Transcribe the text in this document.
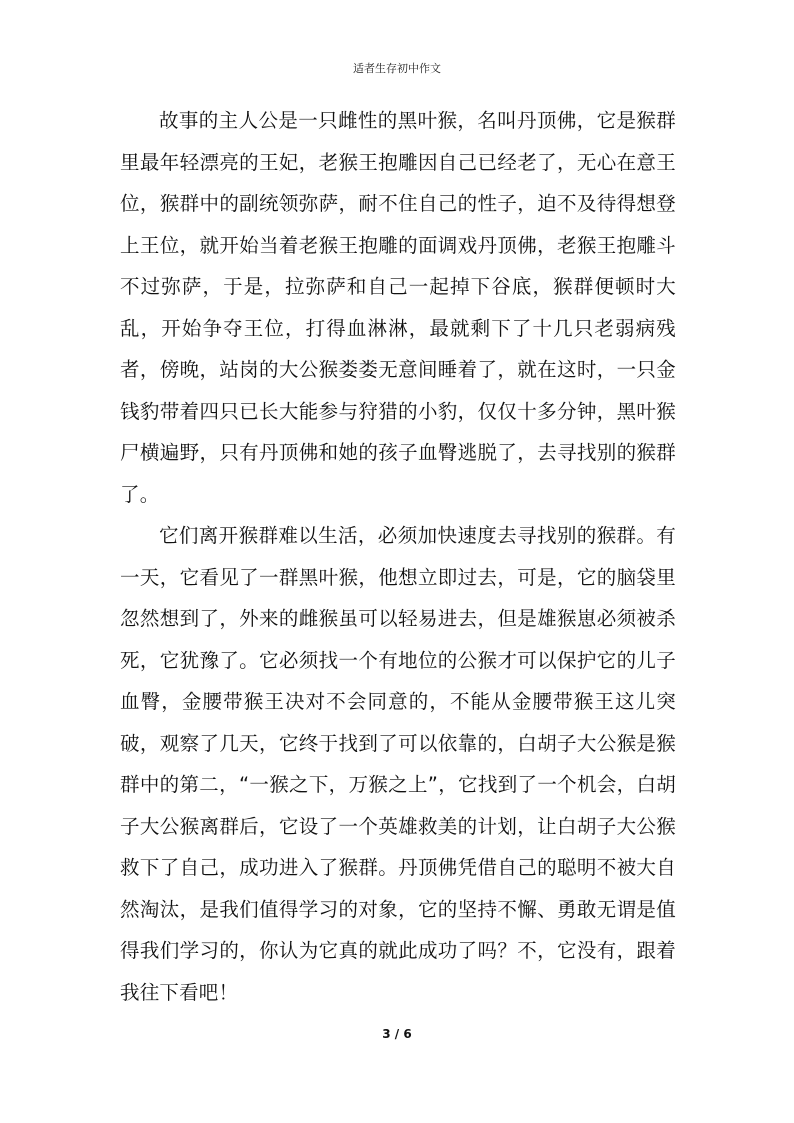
适者生存初中作文

故事的主人公是一只雌性的黑叶猴，名叫丹顶佛，它是猴群里最年轻漂亮的王妃，老猴王抱雕因自己已经老了，无心在意王位，猴群中的副统领弥萨，耐不住自己的性子，迫不及待得想登上王位，就开始当着老猴王抱雕的面调戏丹顶佛，老猴王抱雕斗不过弥萨，于是，拉弥萨和自己一起掉下谷底，猴群便顿时大乱，开始争夺王位，打得血淋淋，最就剩下了十几只老弱病残者，傍晚，站岗的大公猴娄娄无意间睡着了，就在这时，一只金钱豹带着四只已长大能参与狩猎的小豹，仅仅十多分钟，黑叶猴尸横遍野，只有丹顶佛和她的孩子血臀逃脱了，去寻找别的猴群了。

它们离开猴群难以生活，必须加快速度去寻找别的猴群。有一天，它看见了一群黑叶猴，他想立即过去，可是，它的脑袋里忽然想到了，外来的雌猴虽可以轻易进去，但是雄猴崽必须被杀死，它犹豫了。它必须找一个有地位的公猴才可以保护它的儿子血臀，金腰带猴王决对不会同意的，不能从金腰带猴王这儿突破，观察了几天，它终于找到了可以依靠的，白胡子大公猴是猴群中的第二，“一猴之下，万猴之上”，它找到了一个机会，白胡子大公猴离群后，它设了一个英雄救美的计划，让白胡子大公猴救下了自己，成功进入了猴群。丹顶佛凭借自己的聪明不被大自然淘汰，是我们值得学习的对象，它的坚持不懈、勇敢无谓是值得我们学习的，你认为它真的就此成功了吗？不，它没有，跟着我往下看吧！

3 / 6
